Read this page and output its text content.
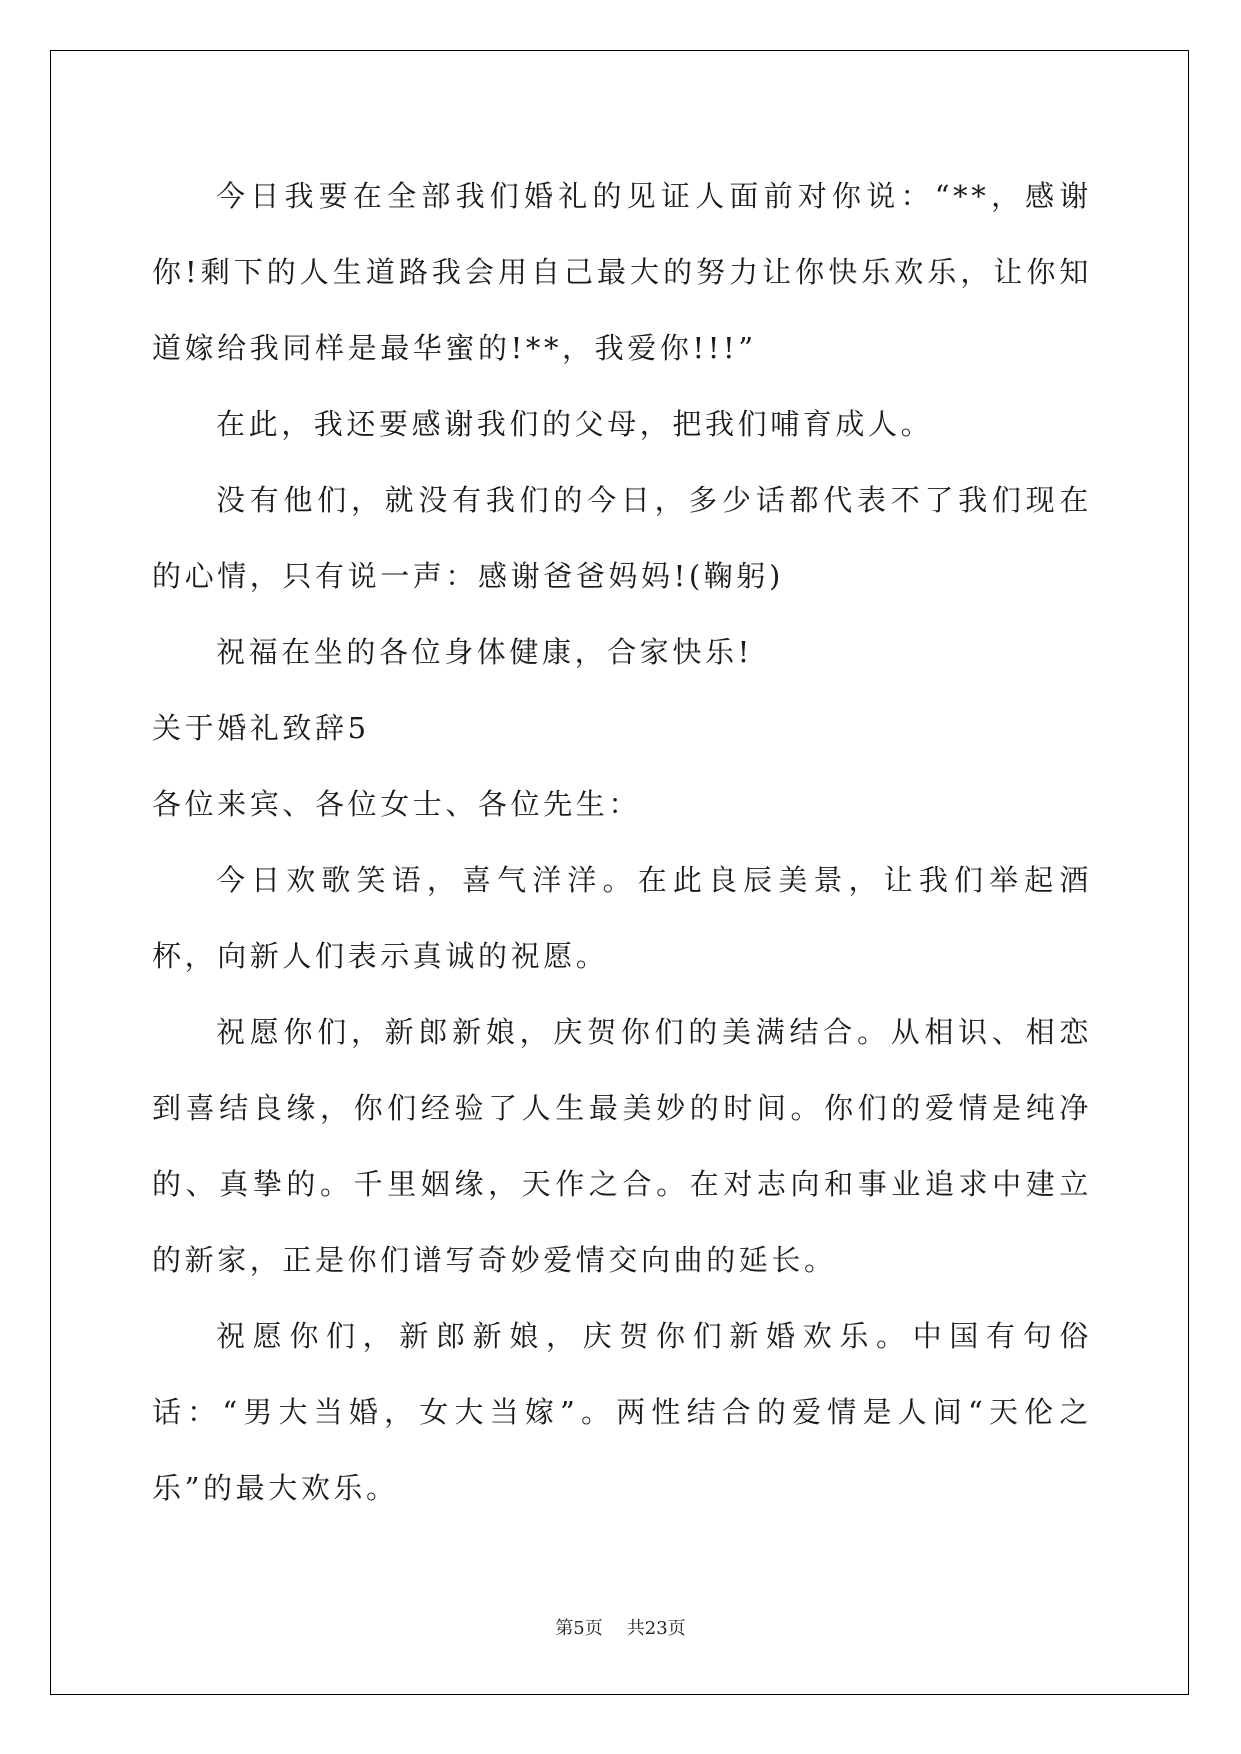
今日我要在全部我们婚礼的见证人面前对你说：“**，感谢你!剩下的人生道路我会用自己最大的努力让你快乐欢乐，让你知道嫁给我同样是最华蜜的!**，我爱你!!!”

在此，我还要感谢我们的父母，把我们哺育成人。

没有他们，就没有我们的今日，多少话都代表不了我们现在的心情，只有说一声：感谢爸爸妈妈!(鞠躬)

祝福在坐的各位身体健康，合家快乐!

关于婚礼致辞5

各位来宾、各位女士、各位先生：

今日欢歌笑语，喜气洋洋。在此良辰美景，让我们举起酒杯，向新人们表示真诚的祝愿。

祝愿你们，新郎新娘，庆贺你们的美满结合。从相识、相恋到喜结良缘，你们经验了人生最美妙的时间。你们的爱情是纯净的、真挚的。千里姻缘，天作之合。在对志向和事业追求中建立的新家，正是你们谱写奇妙爱情交向曲的延长。

祝愿你们，新郎新娘，庆贺你们新婚欢乐。中国有句俗话：“男大当婚，女大当嫁”。两性结合的爱情是人间“天伦之乐”的最大欢乐。

第5页 共23页
